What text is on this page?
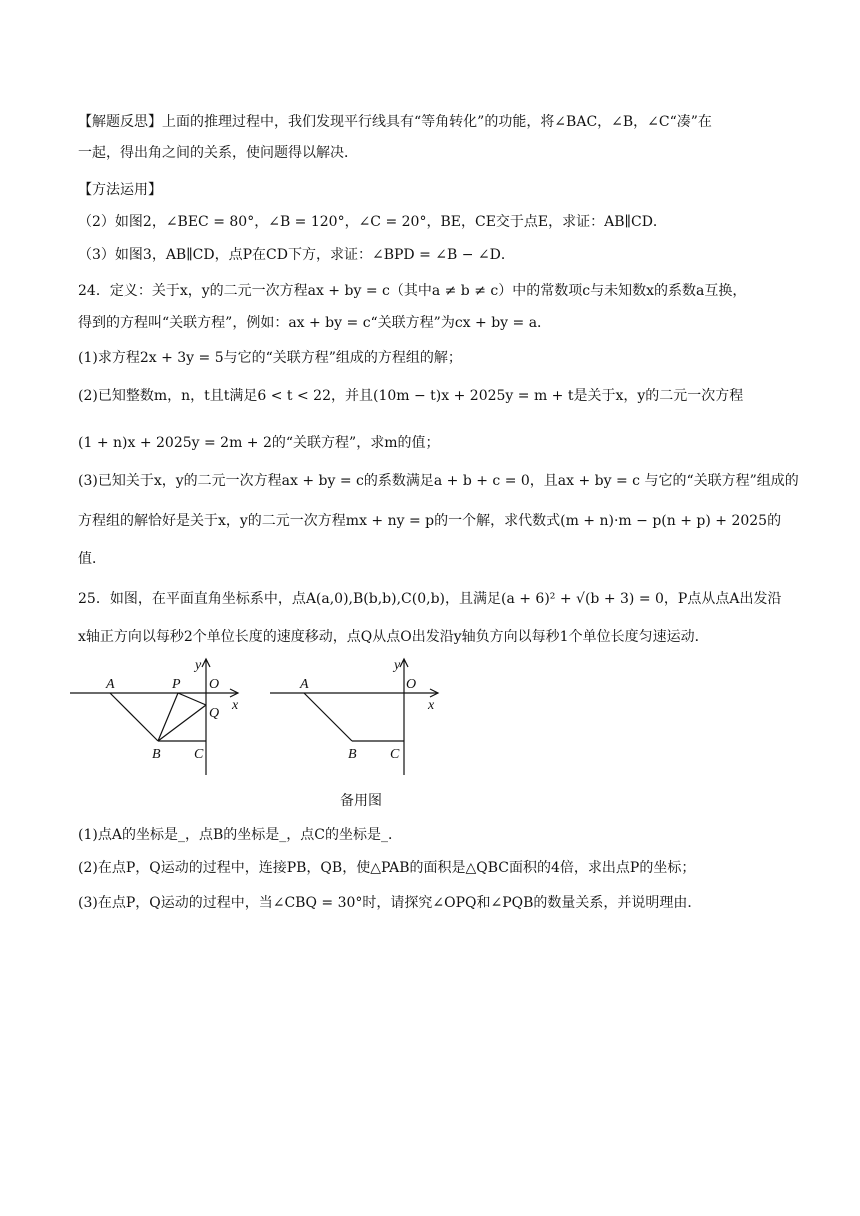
【解题反思】上面的推理过程中，我们发现平行线具有“等角转化”的功能，将∠BAC，∠B，∠C“凑”在
一起，得出角之间的关系，使问题得以解决．
【方法运用】
（2）如图2，∠BEC = 80°，∠B = 120°，∠C = 20°，BE，CE交于点E，求证：AB∥CD．
（3）如图3，AB∥CD，点P在CD下方，求证：∠BPD = ∠B − ∠D．
24．定义：关于x，y的二元一次方程ax + by = c（其中a ≠ b ≠ c）中的常数项c与未知数x的系数a互换，
得到的方程叫“关联方程”，例如：ax + by = c“关联方程”为cx + by = a．
(1)求方程2x + 3y = 5与它的“关联方程”组成的方程组的解；
(2)已知整数m，n，t且t满足6 < t < 22，并且(10m − t)x + 2025y = m + t是关于x，y的二元一次方程
(1 + n)x + 2025y = 2m + 2的“关联方程”，求m的值；
(3)已知关于x，y的二元一次方程ax + by = c的系数满足a + b + c = 0，且ax + by = c 与它的“关联方程”组成的
方程组的解恰好是关于x，y的二元一次方程mx + ny = p的一个解，求代数式(m + n)·m − p(n + p) + 2025的
值．
25．如图，在平面直角坐标系中，点A(a,0),B(b,b),C(0,b)，且满足(a + 6)² + √(b + 3) = 0，P点从点A出发沿
x轴正方向以每秒2个单位长度的速度移动，点Q从点O出发沿y轴负方向以每秒1个单位长度匀速运动．
A	P O
Q
B C
x
y
A	O
B C
x
y
备用图
(1)点A的坐标是_，点B的坐标是_，点C的坐标是_．
(2)在点P，Q运动的过程中，连接PB，QB，使△PAB的面积是△QBC面积的4倍，求出点P的坐标；
(3)在点P，Q运动的过程中，当∠CBQ = 30°时，请探究∠OPQ和∠PQB的数量关系，并说明理由．
